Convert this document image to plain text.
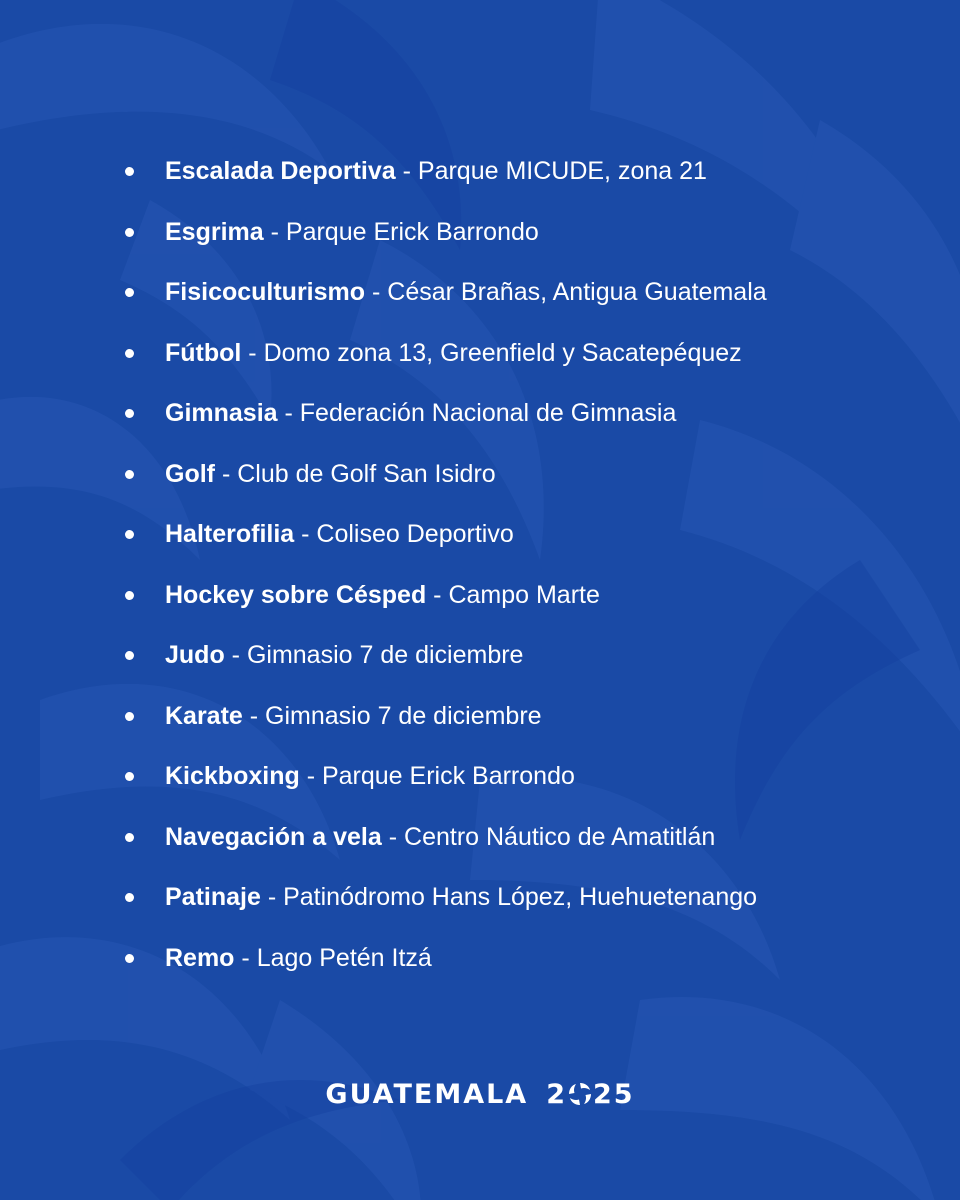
Escalada Deportiva - Parque MICUDE, zona 21
Esgrima - Parque Erick Barrondo
Fisicoculturismo - César Brañas, Antigua Guatemala
Fútbol - Domo zona 13, Greenfield y Sacatepéquez
Gimnasia - Federación Nacional de Gimnasia
Golf - Club de Golf San Isidro
Halterofilia - Coliseo Deportivo
Hockey sobre Césped - Campo Marte
Judo - Gimnasio 7 de diciembre
Karate - Gimnasio 7 de diciembre
Kickboxing - Parque Erick Barrondo
Navegación a vela - Centro Náutico de Amatitlán
Patinaje - Patinódromo Hans López, Huehuetenango
Remo - Lago Petén Itzá
GUATEMALA 2 25
